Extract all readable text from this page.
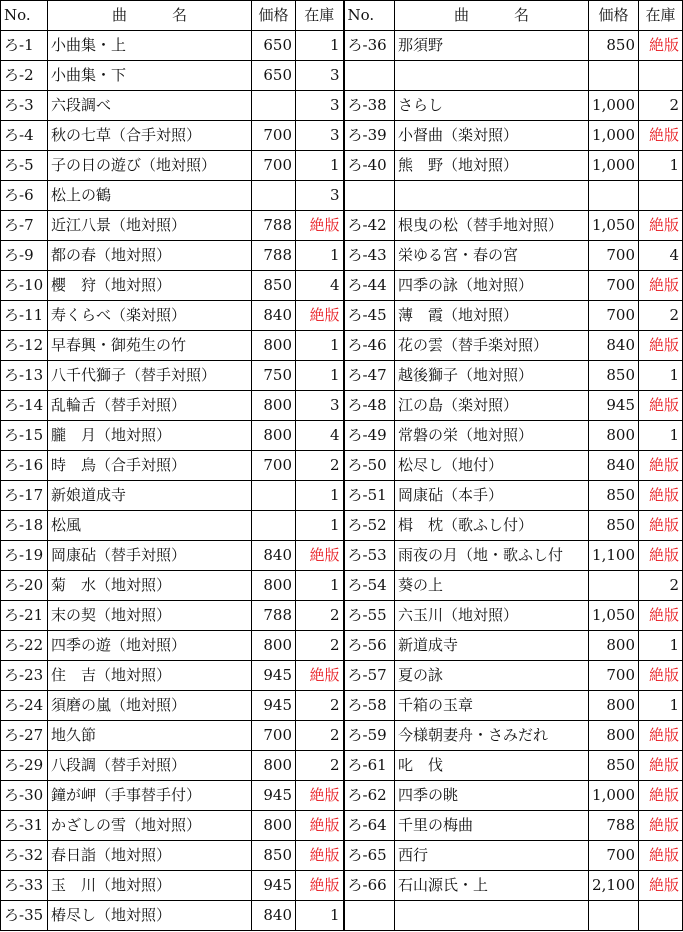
No.	曲　　　名	価格	在庫	No.	曲　　　名	価格	在庫
ろ-1	小曲集・上	650	1	ろ-36	那須野	850	絶版
ろ-2	小曲集・下	650	3				
ろ-3	六段調べ		3	ろ-38	さらし	1,000	2
ろ-4	秋の七草（合手対照）	700	3	ろ-39	小督曲（楽対照）	1,000	絶版
ろ-5	子の日の遊び（地対照）	700	1	ろ-40	熊　野（地対照）	1,000	1
ろ-6	松上の鶴		3				
ろ-7	近江八景（地対照）	788	絶版	ろ-42	根曳の松（替手地対照）	1,050	絶版
ろ-9	都の春（地対照）	788	1	ろ-43	栄ゆる宮・春の宮	700	4
ろ-10	櫻　狩（地対照）	850	4	ろ-44	四季の詠（地対照）	700	絶版
ろ-11	寿くらべ（楽対照）	840	絶版	ろ-45	薄　霞（地対照）	700	2
ろ-12	早春興・御苑生の竹	800	1	ろ-46	花の雲（替手楽対照）	840	絶版
ろ-13	八千代獅子（替手対照）	750	1	ろ-47	越後獅子（地対照）	850	1
ろ-14	乱輪舌（替手対照）	800	3	ろ-48	江の島（楽対照）	945	絶版
ろ-15	朧　月（地対照）	800	4	ろ-49	常磐の栄（地対照）	800	1
ろ-16	時　鳥（合手対照）	700	2	ろ-50	松尽し（地付）	840	絶版
ろ-17	新娘道成寺		1	ろ-51	岡康砧（本手）	850	絶版
ろ-18	松風		1	ろ-52	楫　枕（歌ふし付）	850	絶版
ろ-19	岡康砧（替手対照）	840	絶版	ろ-53	雨夜の月（地・歌ふし付	1,100	絶版
ろ-20	菊　水（地対照）	800	1	ろ-54	葵の上		2
ろ-21	末の契（地対照）	788	2	ろ-55	六玉川（地対照）	1,050	絶版
ろ-22	四季の遊（地対照）	800	2	ろ-56	新道成寺	800	1
ろ-23	住　吉（地対照）	945	絶版	ろ-57	夏の詠	700	絶版
ろ-24	須磨の嵐（地対照）	945	2	ろ-58	千箱の玉章	800	1
ろ-27	地久節	700	2	ろ-59	今様朝妻舟・さみだれ	800	絶版
ろ-29	八段調（替手対照）	800	2	ろ-61	叱　伐	850	絶版
ろ-30	鐘が岬（手事替手付）	945	絶版	ろ-62	四季の眺	1,000	絶版
ろ-31	かざしの雪（地対照）	800	絶版	ろ-64	千里の梅曲	788	絶版
ろ-32	春日詣（地対照）	850	絶版	ろ-65	西行	700	絶版
ろ-33	玉　川（地対照）	945	絶版	ろ-66	石山源氏・上	2,100	絶版
ろ-35	椿尽し（地対照）	840	1				
